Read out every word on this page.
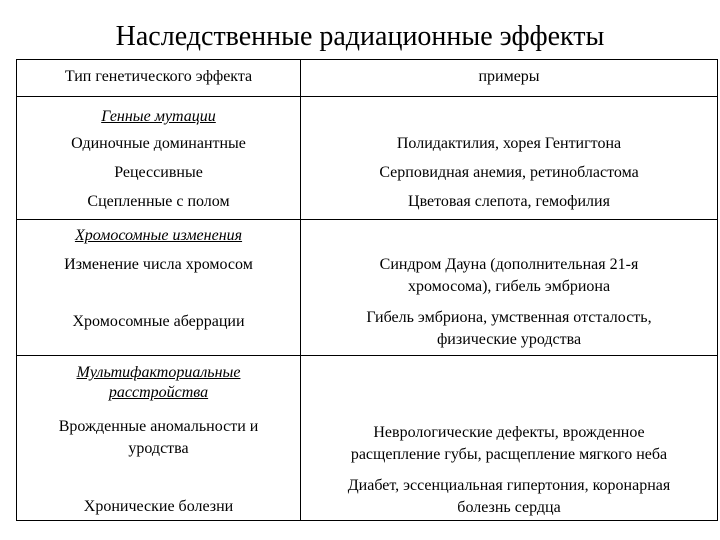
Наследственные радиационные эффекты
Тип генетического эффекта	примеры
Генные мутации
Одиночные доминантные
Рецессивные
Сцепленные с полом
Полидактилия, хорея Гентигтона
Серповидная анемия, ретинобластома
Цветовая слепота, гемофилия
Хромосомные изменения
Изменение числа хромосом
Хромосомные аберрации
Синдром Дауна (дополнительная 21-я
хромосома), гибель эмбриона
Гибель эмбриона, умственная отсталость,
физические уродства
Мультифакториальные
расстройства
Врожденные аномальности и
уродства
Хронические болезни
Неврологические дефекты, врожденное
расщепление губы, расщепление мягкого неба
Диабет, эссенциальная гипертония, коронарная
болезнь сердца
